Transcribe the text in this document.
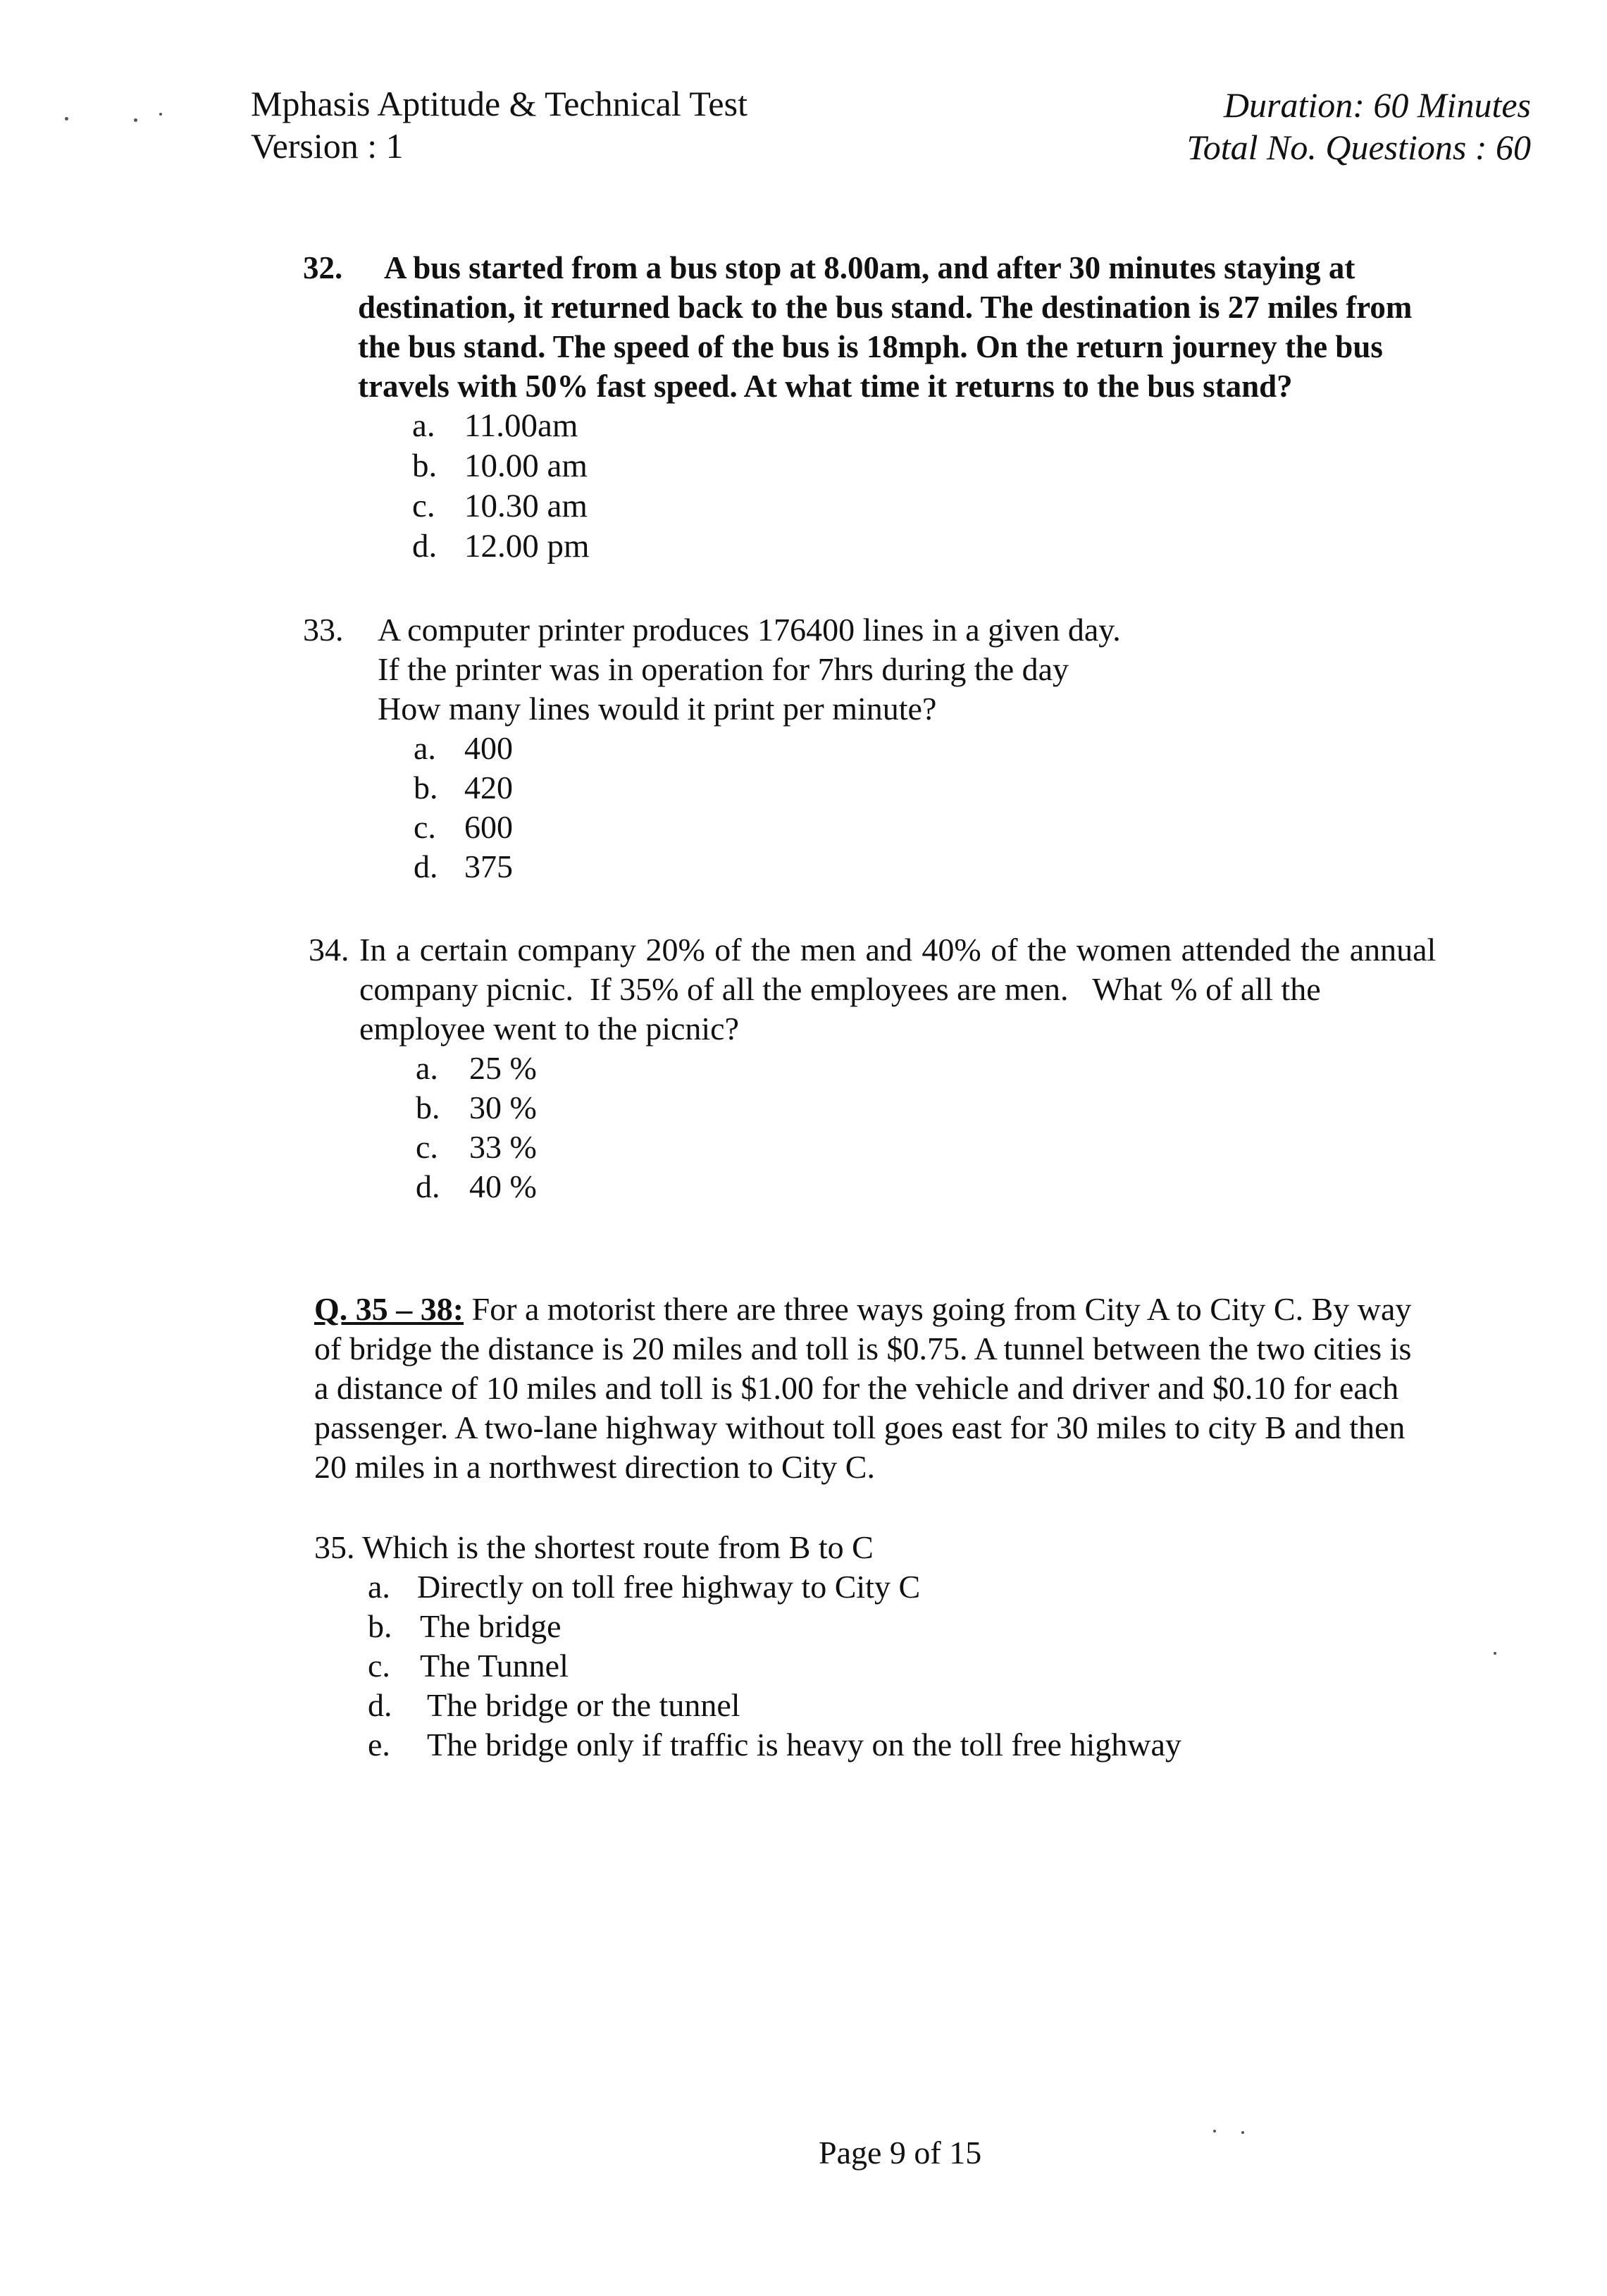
Mphasis Aptitude & Technical Test
Version : 1
Duration: 60 Minutes
Total No. Questions : 60
32. A bus started from a bus stop at 8.00am, and after 30 minutes staying at
destination, it returned back to the bus stand. The destination is 27 miles from
the bus stand. The speed of the bus is 18mph. On the return journey the bus
travels with 50% fast speed. At what time it returns to the bus stand?
a. 11.00am
b. 10.00 am
c. 10.30 am
d. 12.00 pm
33. A computer printer produces 176400 lines in a given day.
If the printer was in operation for 7hrs during the day
How many lines would it print per minute?
a. 400
b. 420
c. 600
d. 375
34. In a certain company 20% of the men and 40% of the women attended the annual
company picnic.  If 35% of all the employees are men.   What % of all the
employee went to the picnic?
a. 25 %
b. 30 %
c. 33 %
d. 40 %
Q. 35 – 38: For a motorist there are three ways going from City A to City C. By way
of bridge the distance is 20 miles and toll is $0.75. A tunnel between the two cities is
a distance of 10 miles and toll is $1.00 for the vehicle and driver and $0.10 for each
passenger. A two-lane highway without toll goes east for 30 miles to city B and then
20 miles in a northwest direction to City C.
35. Which is the shortest route from B to C
a. Directly on toll free highway to City C
b. The bridge
c. The Tunnel
d.	The bridge or the tunnel
e.	The bridge only if traffic is heavy on the toll free highway
Page 9 of 15
